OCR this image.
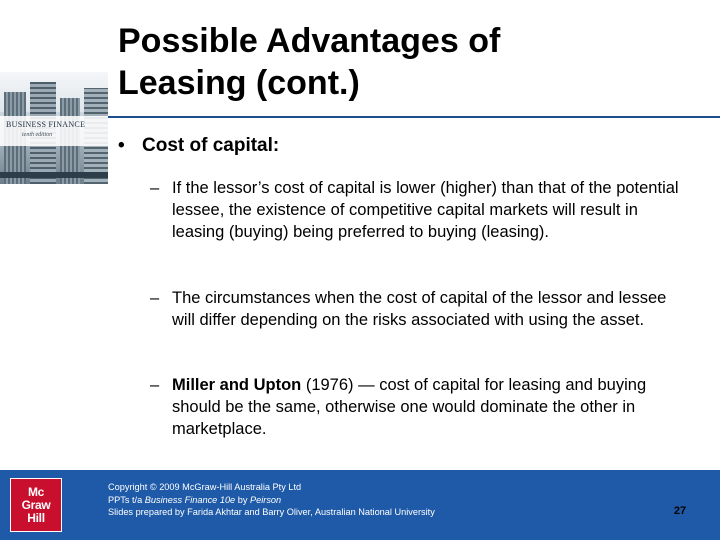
BUSINESS FINANCE
tenth edition
Possible Advantages of
Leasing (cont.)
• Cost of capital:
– If the lessor’s cost of capital is lower (higher) than that of the potential lessee, the existence of competitive capital markets will result in leasing (buying) being preferred to buying (leasing).
– The circumstances when the cost of capital of the lessor and lessee will differ depending on the risks associated with using the asset.
– Miller and Upton (1976) — cost of capital for leasing and buying should be the same, otherwise one would dominate the other in marketplace.
Mc
Graw
Hill
Copyright © 2009 McGraw-Hill Australia Pty Ltd
PPTs t/a Business Finance 10e by Peirson
Slides prepared by Farida Akhtar and Barry Oliver, Australian National University	27
